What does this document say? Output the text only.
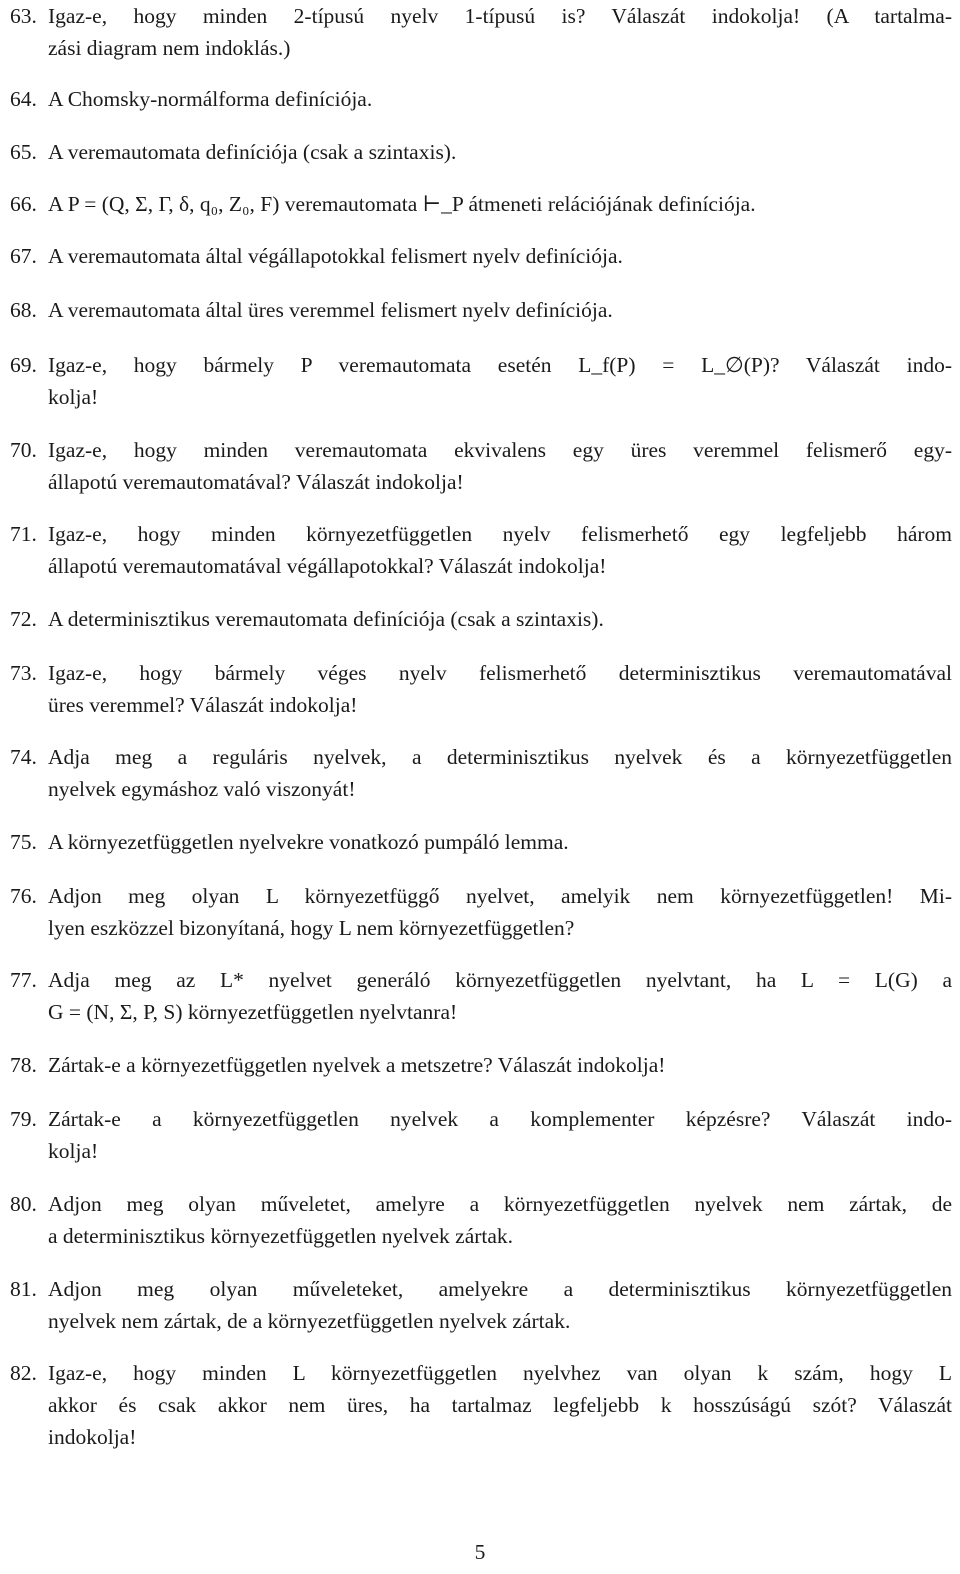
63. Igaz-e, hogy minden 2-típusú nyelv 1-típusú is? Válaszát indokolja! (A tartalma-
zási diagram nem indoklás.)
64. A Chomsky-normálforma definíciója.
65. A veremautomata definíciója (csak a szintaxis).
66. A P = (Q, Σ, Γ, δ, q₀, Z₀, F) veremautomata ⊢_P átmeneti relációjának definíciója.
67. A veremautomata által végállapotokkal felismert nyelv definíciója.
68. A veremautomata által üres veremmel felismert nyelv definíciója.
69. Igaz-e, hogy bármely P veremautomata esetén L_f(P) = L_∅(P)? Válaszát indo-
kolja!
70. Igaz-e, hogy minden veremautomata ekvivalens egy üres veremmel felismerő egy-
állapotú veremautomatával? Válaszát indokolja!
71. Igaz-e, hogy minden környezetfüggetlen nyelv felismerhető egy legfeljebb három
állapotú veremautomatával végállapotokkal? Válaszát indokolja!
72. A determinisztikus veremautomata definíciója (csak a szintaxis).
73. Igaz-e, hogy bármely véges nyelv felismerhető determinisztikus veremautomatával
üres veremmel? Válaszát indokolja!
74. Adja meg a reguláris nyelvek, a determinisztikus nyelvek és a környezetfüggetlen
nyelvek egymáshoz való viszonyát!
75. A környezetfüggetlen nyelvekre vonatkozó pumpáló lemma.
76. Adjon meg olyan L környezetfüggő nyelvet, amelyik nem környezetfüggetlen! Mi-
lyen eszközzel bizonyítaná, hogy L nem környezetfüggetlen?
77. Adja meg az L* nyelvet generáló környezetfüggetlen nyelvtant, ha L = L(G) a
G = (N, Σ, P, S) környezetfüggetlen nyelvtanra!
78. Zártak-e a környezetfüggetlen nyelvek a metszetre? Válaszát indokolja!
79. Zártak-e a környezetfüggetlen nyelvek a komplementer képzésre? Válaszát indo-
kolja!
80. Adjon meg olyan műveletet, amelyre a környezetfüggetlen nyelvek nem zártak, de
a determinisztikus környezetfüggetlen nyelvek zártak.
81. Adjon meg olyan műveleteket, amelyekre a determinisztikus környezetfüggetlen
nyelvek nem zártak, de a környezetfüggetlen nyelvek zártak.
82. Igaz-e, hogy minden L környezetfüggetlen nyelvhez van olyan k szám, hogy L
akkor és csak akkor nem üres, ha tartalmaz legfeljebb k hosszúságú szót? Válaszát
indokolja!
5
